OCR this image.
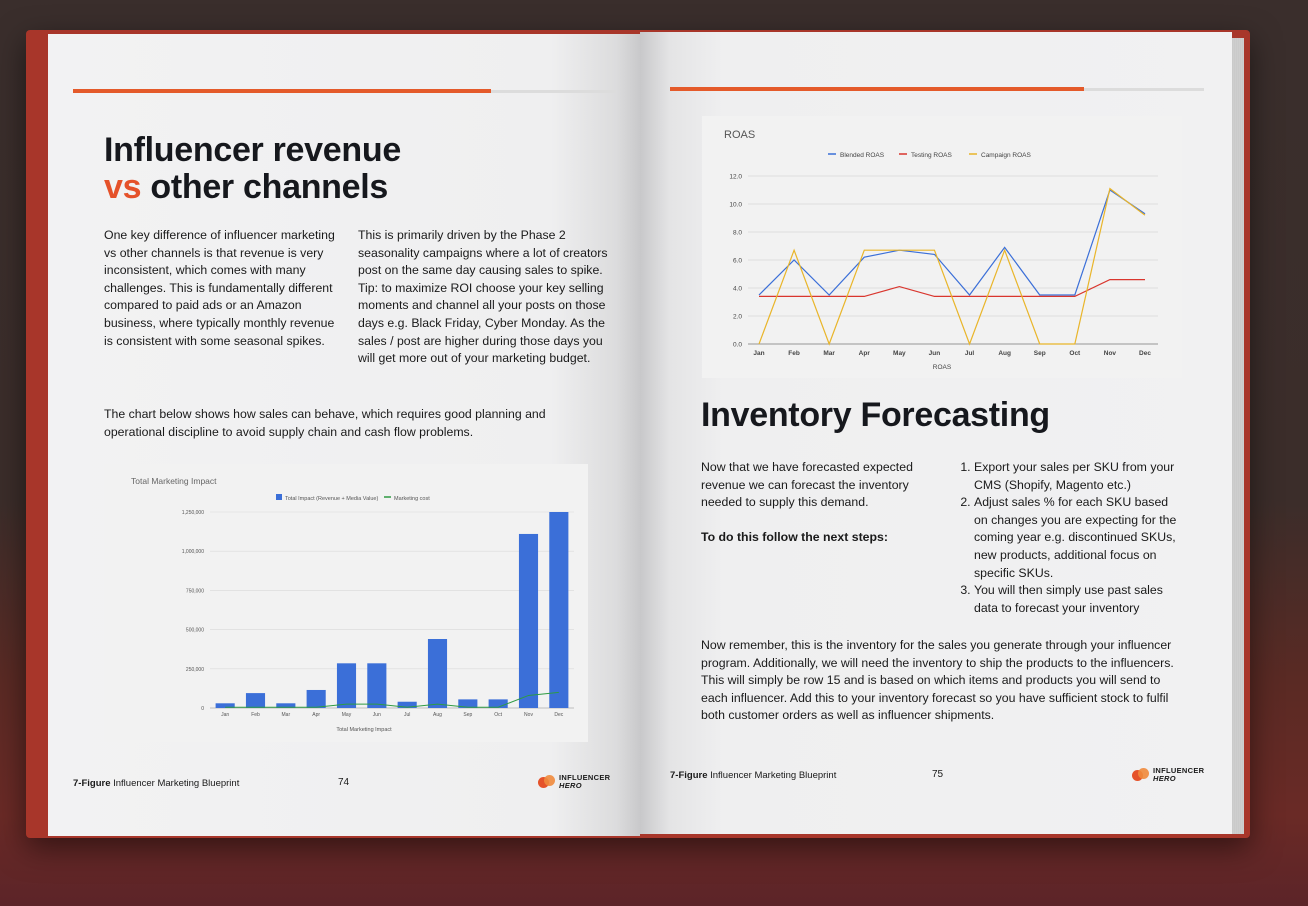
Influencer revenue
vs other channels
One key difference of influencer marketing vs other channels is that revenue is very inconsistent, which comes with many challenges. This is fundamentally different compared to paid ads or an Amazon business, where typically monthly revenue is consistent with some seasonal spikes.
This is primarily driven by the Phase 2 seasonality campaigns where a lot of creators post on the same day causing sales to spike. Tip: to maximize ROI choose your key selling moments and channel all your posts on those days e.g. Black Friday, Cyber Monday. As the sales / post are higher during those days you will get more out of your marketing budget.
The chart below shows how sales can behave, which requires good planning and operational discipline to avoid supply chain and cash flow problems.
Total Marketing Impact
Total Impact (Revenue + Media Value)	Marketing cost
0
250,000
500,000
750,000
1,000,000
1,250,000
Jan	Feb	Mar	Apr	May	Jun	Jul	Aug	Sep	Oct	Nov	Dec
Total Marketing Impact
7-Figure Influencer Marketing Blueprint	74	INFLUENCER
HERO
ROAS
Blended ROAS	Testing ROAS	Campaign ROAS
0.0
2.0
4.0
6.0
8.0
10.0
12.0
Jan	Feb	Mar	Apr	May	Jun	Jul	Aug	Sep	Oct	Nov	Dec
ROAS
Inventory Forecasting
Now that we have forecasted expected revenue we can forecast the inventory needed to supply this demand.
To do this follow the next steps:
1. Export your sales per SKU from your CMS (Shopify, Magento etc.)
2. Adjust sales % for each SKU based on changes you are expecting for the coming year e.g. discontinued SKUs, new products, additional focus on specific SKUs.
3. You will then simply use past sales data to forecast your inventory
Now remember, this is the inventory for the sales you generate through your influencer program. Additionally, we will need the inventory to ship the products to the influencers. This will simply be row 15 and is based on which items and products you will send to each influencer. Add this to your inventory forecast so you have sufficient stock to fulfil both customer orders as well as influencer shipments.
7-Figure Influencer Marketing Blueprint	75	INFLUENCER
HERO
